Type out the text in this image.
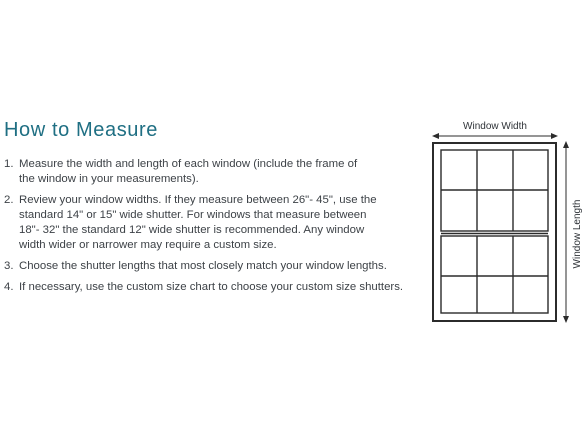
How to Measure
1. Measure the width and length of each window (include the frame of
the window in your measurements).
2. Review your window widths. If they measure between 26"- 45", use the
standard 14" or 15" wide shutter. For windows that measure between
18"- 32" the standard 12" wide shutter is recommended. Any window
width wider or narrower may require a custom size.
3. Choose the shutter lengths that most closely match your window lengths.
4. If necessary, use the custom size chart to choose your custom size shutters.
Window Width
Window Length
